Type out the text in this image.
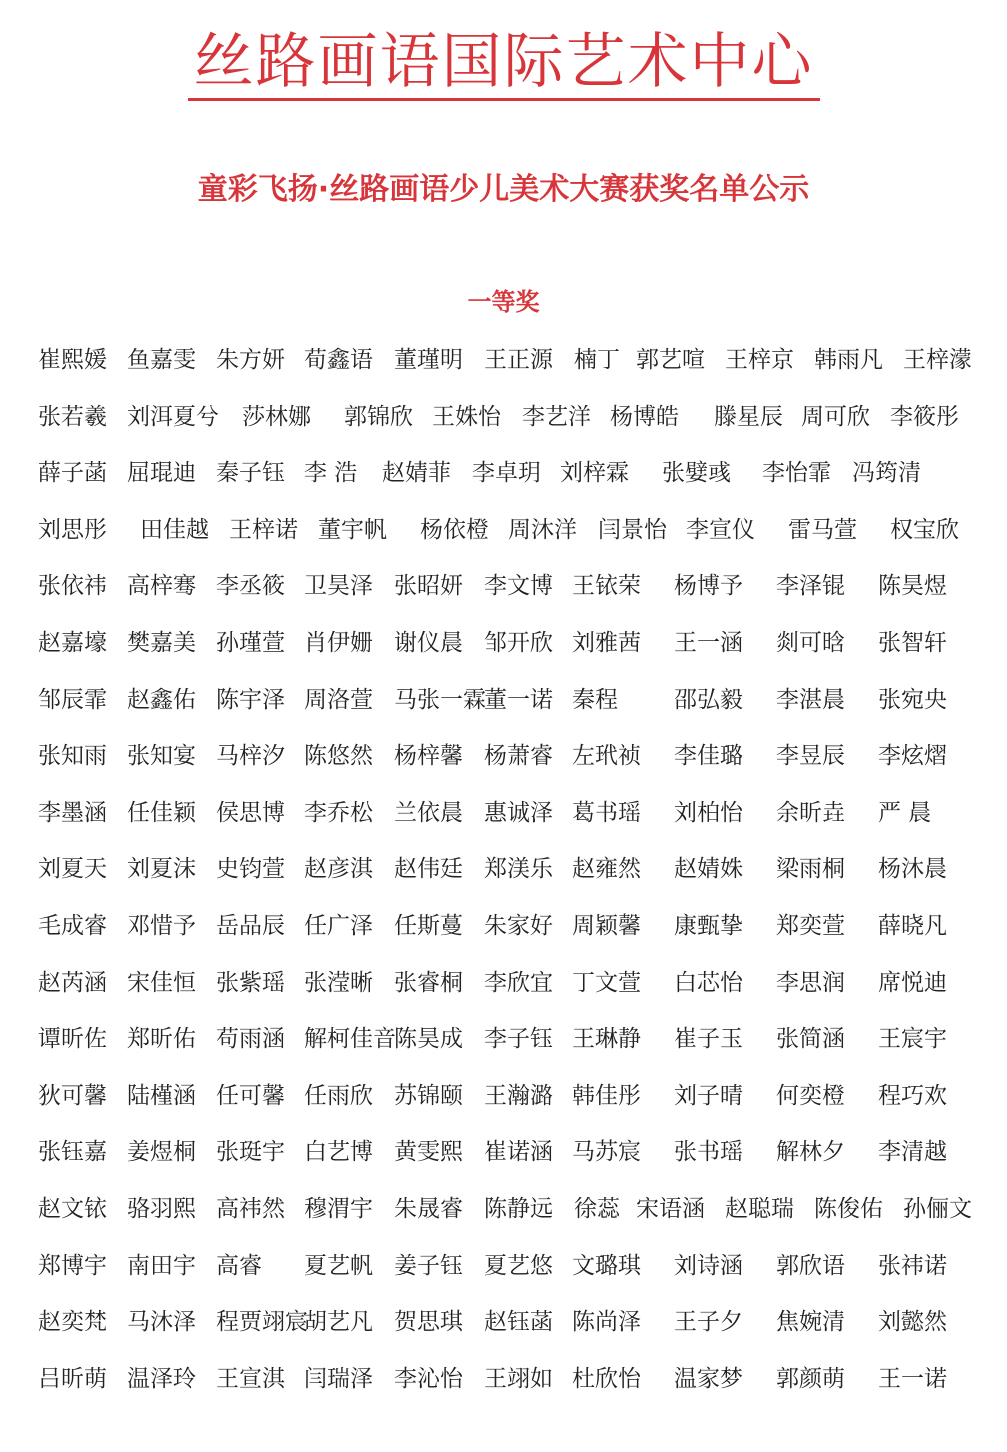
丝路画语国际艺术中心
童彩飞扬·丝路画语少儿美术大赛获奖名单公示
一等奖
崔熙媛 鱼嘉雯 朱方妍 荀鑫语 董瑾明 王正源 楠丁 郭艺喧 王梓京 韩雨凡 王梓濛
张若羲 刘洱夏兮 莎林娜 郭锦欣 王姝怡 李艺洋 杨博皓 滕星辰 周可欣 李筱彤
薛子菡 屈琨迪 秦子钰 李 浩 赵婧菲 李卓玥 刘梓霖 张嬖彧 李怡霏 冯筠清
刘思彤 田佳越 王梓诺 董宇帆 杨依橙 周沐洋 闫景怡 李宣仪 雷马萱 权宝欣
张依祎 高梓骞 李丞筱 卫昊泽 张昭妍 李文博 王铱荣 杨博予 李泽锟 陈昊煜
赵嘉壕 樊嘉美 孙瑾萱 肖伊姗 谢仪晨 邹开欣 刘雅茜 王一涵 剡可晗 张智轩
邹辰霏 赵鑫佑 陈宇泽 周洛萱 马张一霖
董一诺 秦程 邵弘毅 李湛晨 张宛央
张知雨 张知宴 马梓汐 陈悠然 杨梓馨 杨萧睿 左玳祯 李佳璐 李昱辰 李炫熠
李墨涵 任佳颖 侯思博 李乔松 兰依晨 惠诚泽 葛书瑶 刘柏怡 余昕垚 严 晨
刘夏天 刘夏沫 史钧萱 赵彦淇 赵伟廷 郑渼乐 赵雍然 赵婧姝 梁雨桐 杨沐晨
毛成睿 邓惜予 岳品辰 任广泽 任斯蔓 朱家好 周颖馨 康甄挚 郑奕萱 薛晓凡
赵芮涵 宋佳恒 张紫瑶 张滢晰 张睿桐 李欣宜 丁文萱 白芯怡 李思润 席悦迪
谭昕佐 郑昕佑 苟雨涵 解柯佳音
陈昊成 李子钰 王琳静 崔子玉 张简涵 王宸宇
狄可馨 陆槿涵 任可馨 任雨欣 苏锦颐 王瀚潞 韩佳彤 刘子晴 何奕橙 程巧欢
张钰嘉 姜煜桐 张珽宇 白艺博 黄雯熙 崔诺涵 马苏宸 张书瑶 解林夕 李清越
赵文铱 骆羽熙 高祎然 穆渭宇 朱晟睿 陈静远 徐蕊 宋语涵 赵聪瑞 陈俊佑 孙俪文
郑博宇 南田宇 高睿 夏艺帆 姜子钰 夏艺悠 文璐琪 刘诗涵 郭欣语 张祎诺
赵奕梵 马沐泽 程贾翊宸
胡艺凡 贺思琪 赵钰菡 陈尚泽 王子夕 焦婉清 刘懿然
吕昕萌 温泽玲 王宣淇 闫瑞泽 李沁怡 王翊如 杜欣怡 温家梦 郭颜萌 王一诺
